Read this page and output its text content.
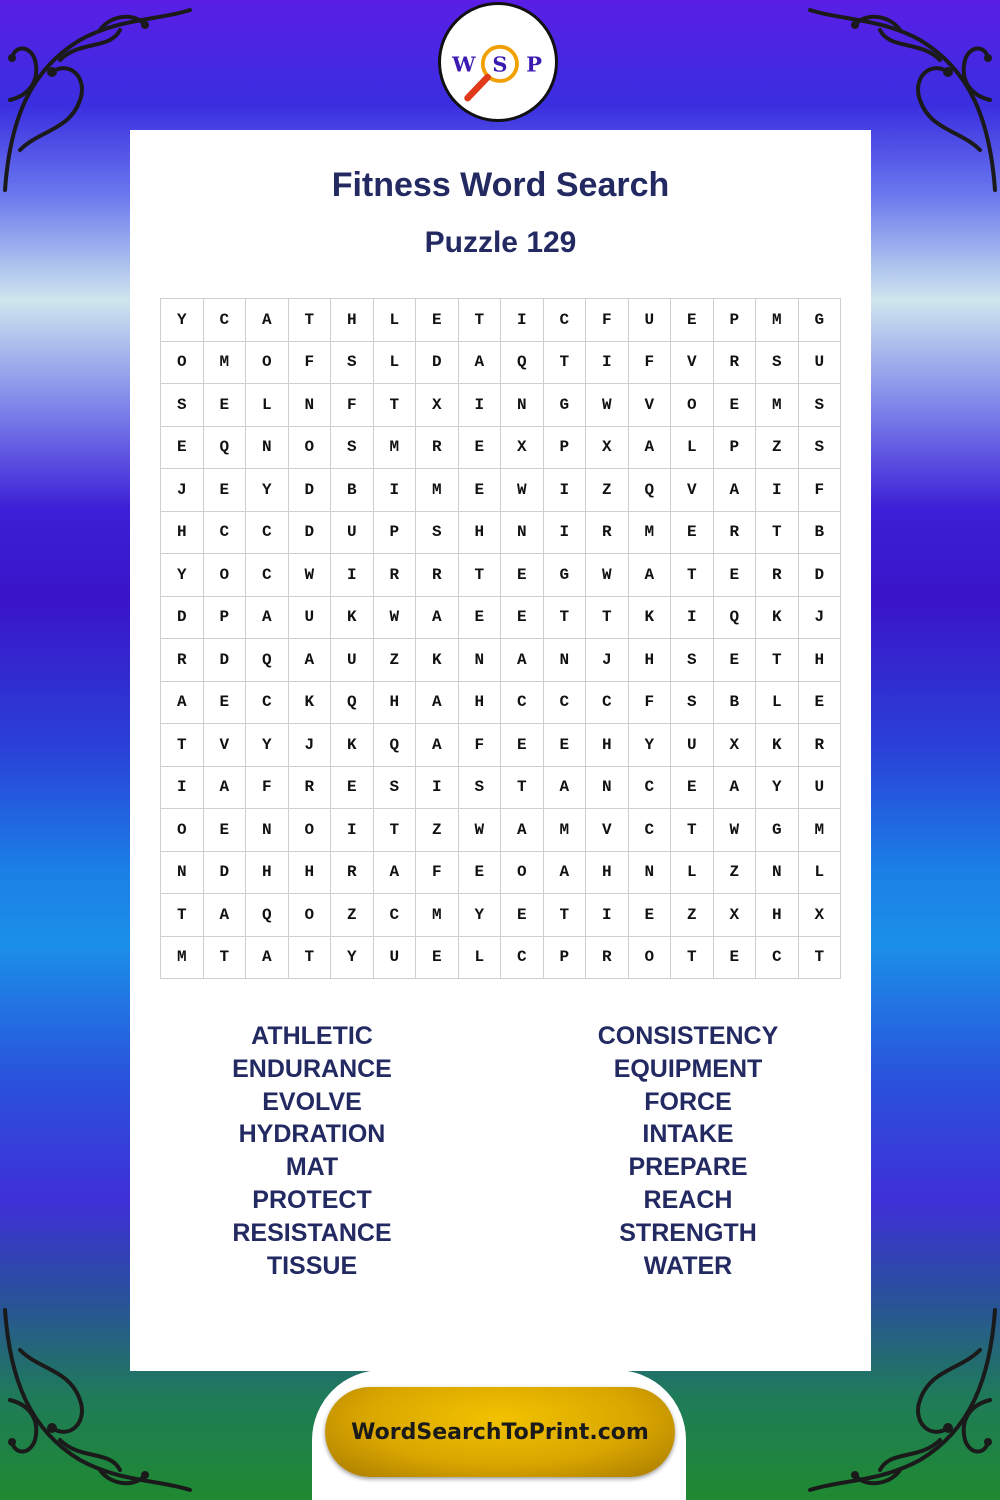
W S P
Fitness Word Search
Puzzle 129
Y	C	A	T	H	L	E	T	I	C	F	U	E	P	M	G
O	M	O	F	S	L	D	A	Q	T	I	F	V	R	S	U
S	E	L	N	F	T	X	I	N	G	W	V	O	E	M	S
E	Q	N	O	S	M	R	E	X	P	X	A	L	P	Z	S
J	E	Y	D	B	I	M	E	W	I	Z	Q	V	A	I	F
H	C	C	D	U	P	S	H	N	I	R	M	E	R	T	B
Y	O	C	W	I	R	R	T	E	G	W	A	T	E	R	D
D	P	A	U	K	W	A	E	E	T	T	K	I	Q	K	J
R	D	Q	A	U	Z	K	N	A	N	J	H	S	E	T	H
A	E	C	K	Q	H	A	H	C	C	C	F	S	B	L	E
T	V	Y	J	K	Q	A	F	E	E	H	Y	U	X	K	R
I	A	F	R	E	S	I	S	T	A	N	C	E	A	Y	U
O	E	N	O	I	T	Z	W	A	M	V	C	T	W	G	M
N	D	H	H	R	A	F	E	O	A	H	N	L	Z	N	L
T	A	Q	O	Z	C	M	Y	E	T	I	E	Z	X	H	X
M	T	A	T	Y	U	E	L	C	P	R	O	T	E	C	T
ATHLETIC
ENDURANCE
EVOLVE
HYDRATION
MAT
PROTECT
RESISTANCE
TISSUE
CONSISTENCY
EQUIPMENT
FORCE
INTAKE
PREPARE
REACH
STRENGTH
WATER
WordSearchToPrint.com
